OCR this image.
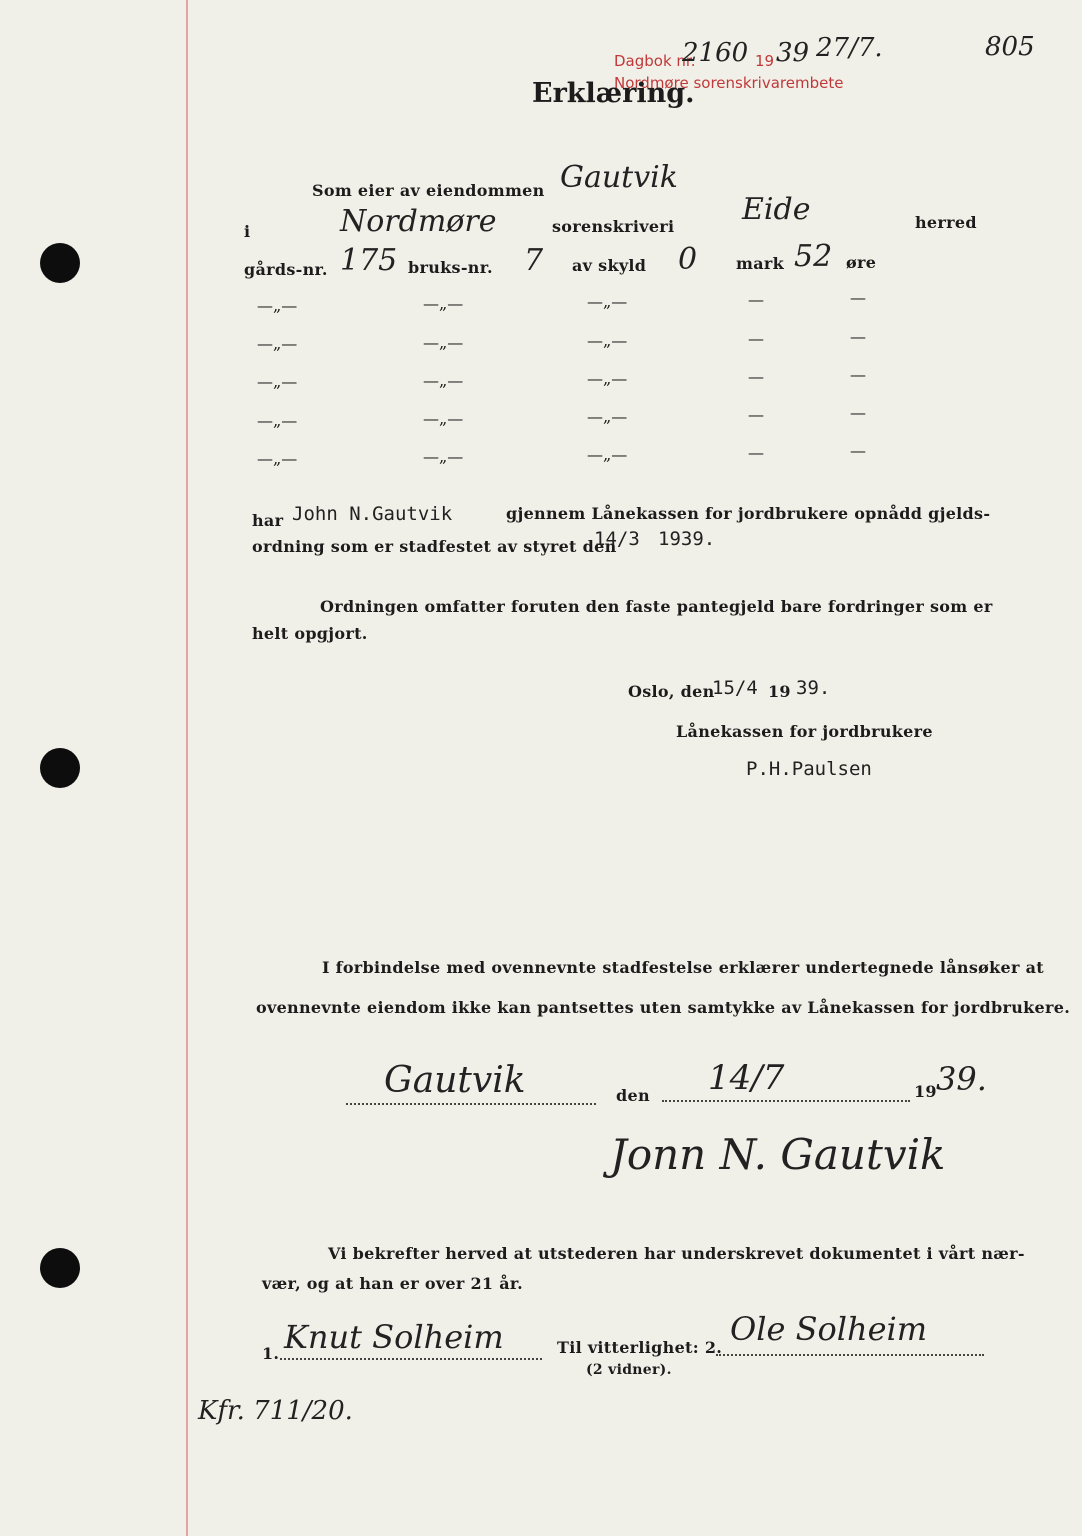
Dagbok nr.
2160 19 39 27/7.
Nordmøre sorenskrivarembete
805
Erklæring.
Som eier av eiendommen Gautvik
i	Nordmøre	sorenskriveri Eide	herred
gårds-nr. 175 bruks-nr. 7 av skyld 0 mark 52 øre
—„—	—„—	—„—	—	—
—„—	—„—	—„—	—	—
—„—	—„—	—„—	—	—
—„—	—„—	—„—	—	—
—„—	—„—	—„—	—	—
har John N.Gautvik	gjennem Lånekassen for jordbrukere opnådd gjelds-
ordning som er stadfestet av styret den
14/3 1939.
Ordningen omfatter foruten den faste pantegjeld bare fordringer som er
helt opgjort.
Oslo, den
15/4 19 39.
Lånekassen for jordbrukere
P.H.Paulsen
I forbindelse med ovennevnte stadfestelse erklærer undertegnede lånsøker at
ovennevnte eiendom ikke kan pantsettes uten samtykke av Lånekassen for jordbrukere.
Gautvik	den 14/7	19 39.
Jonn N. Gautvik
Vi bekrefter herved at utstederen har underskrevet dokumentet i vårt nær-
vær, og at han er over 21 år.
1. Knut Solheim	Til vitterlighet: 2. Ole Solheim
(2 vidner).
Kfr. 711/20.
